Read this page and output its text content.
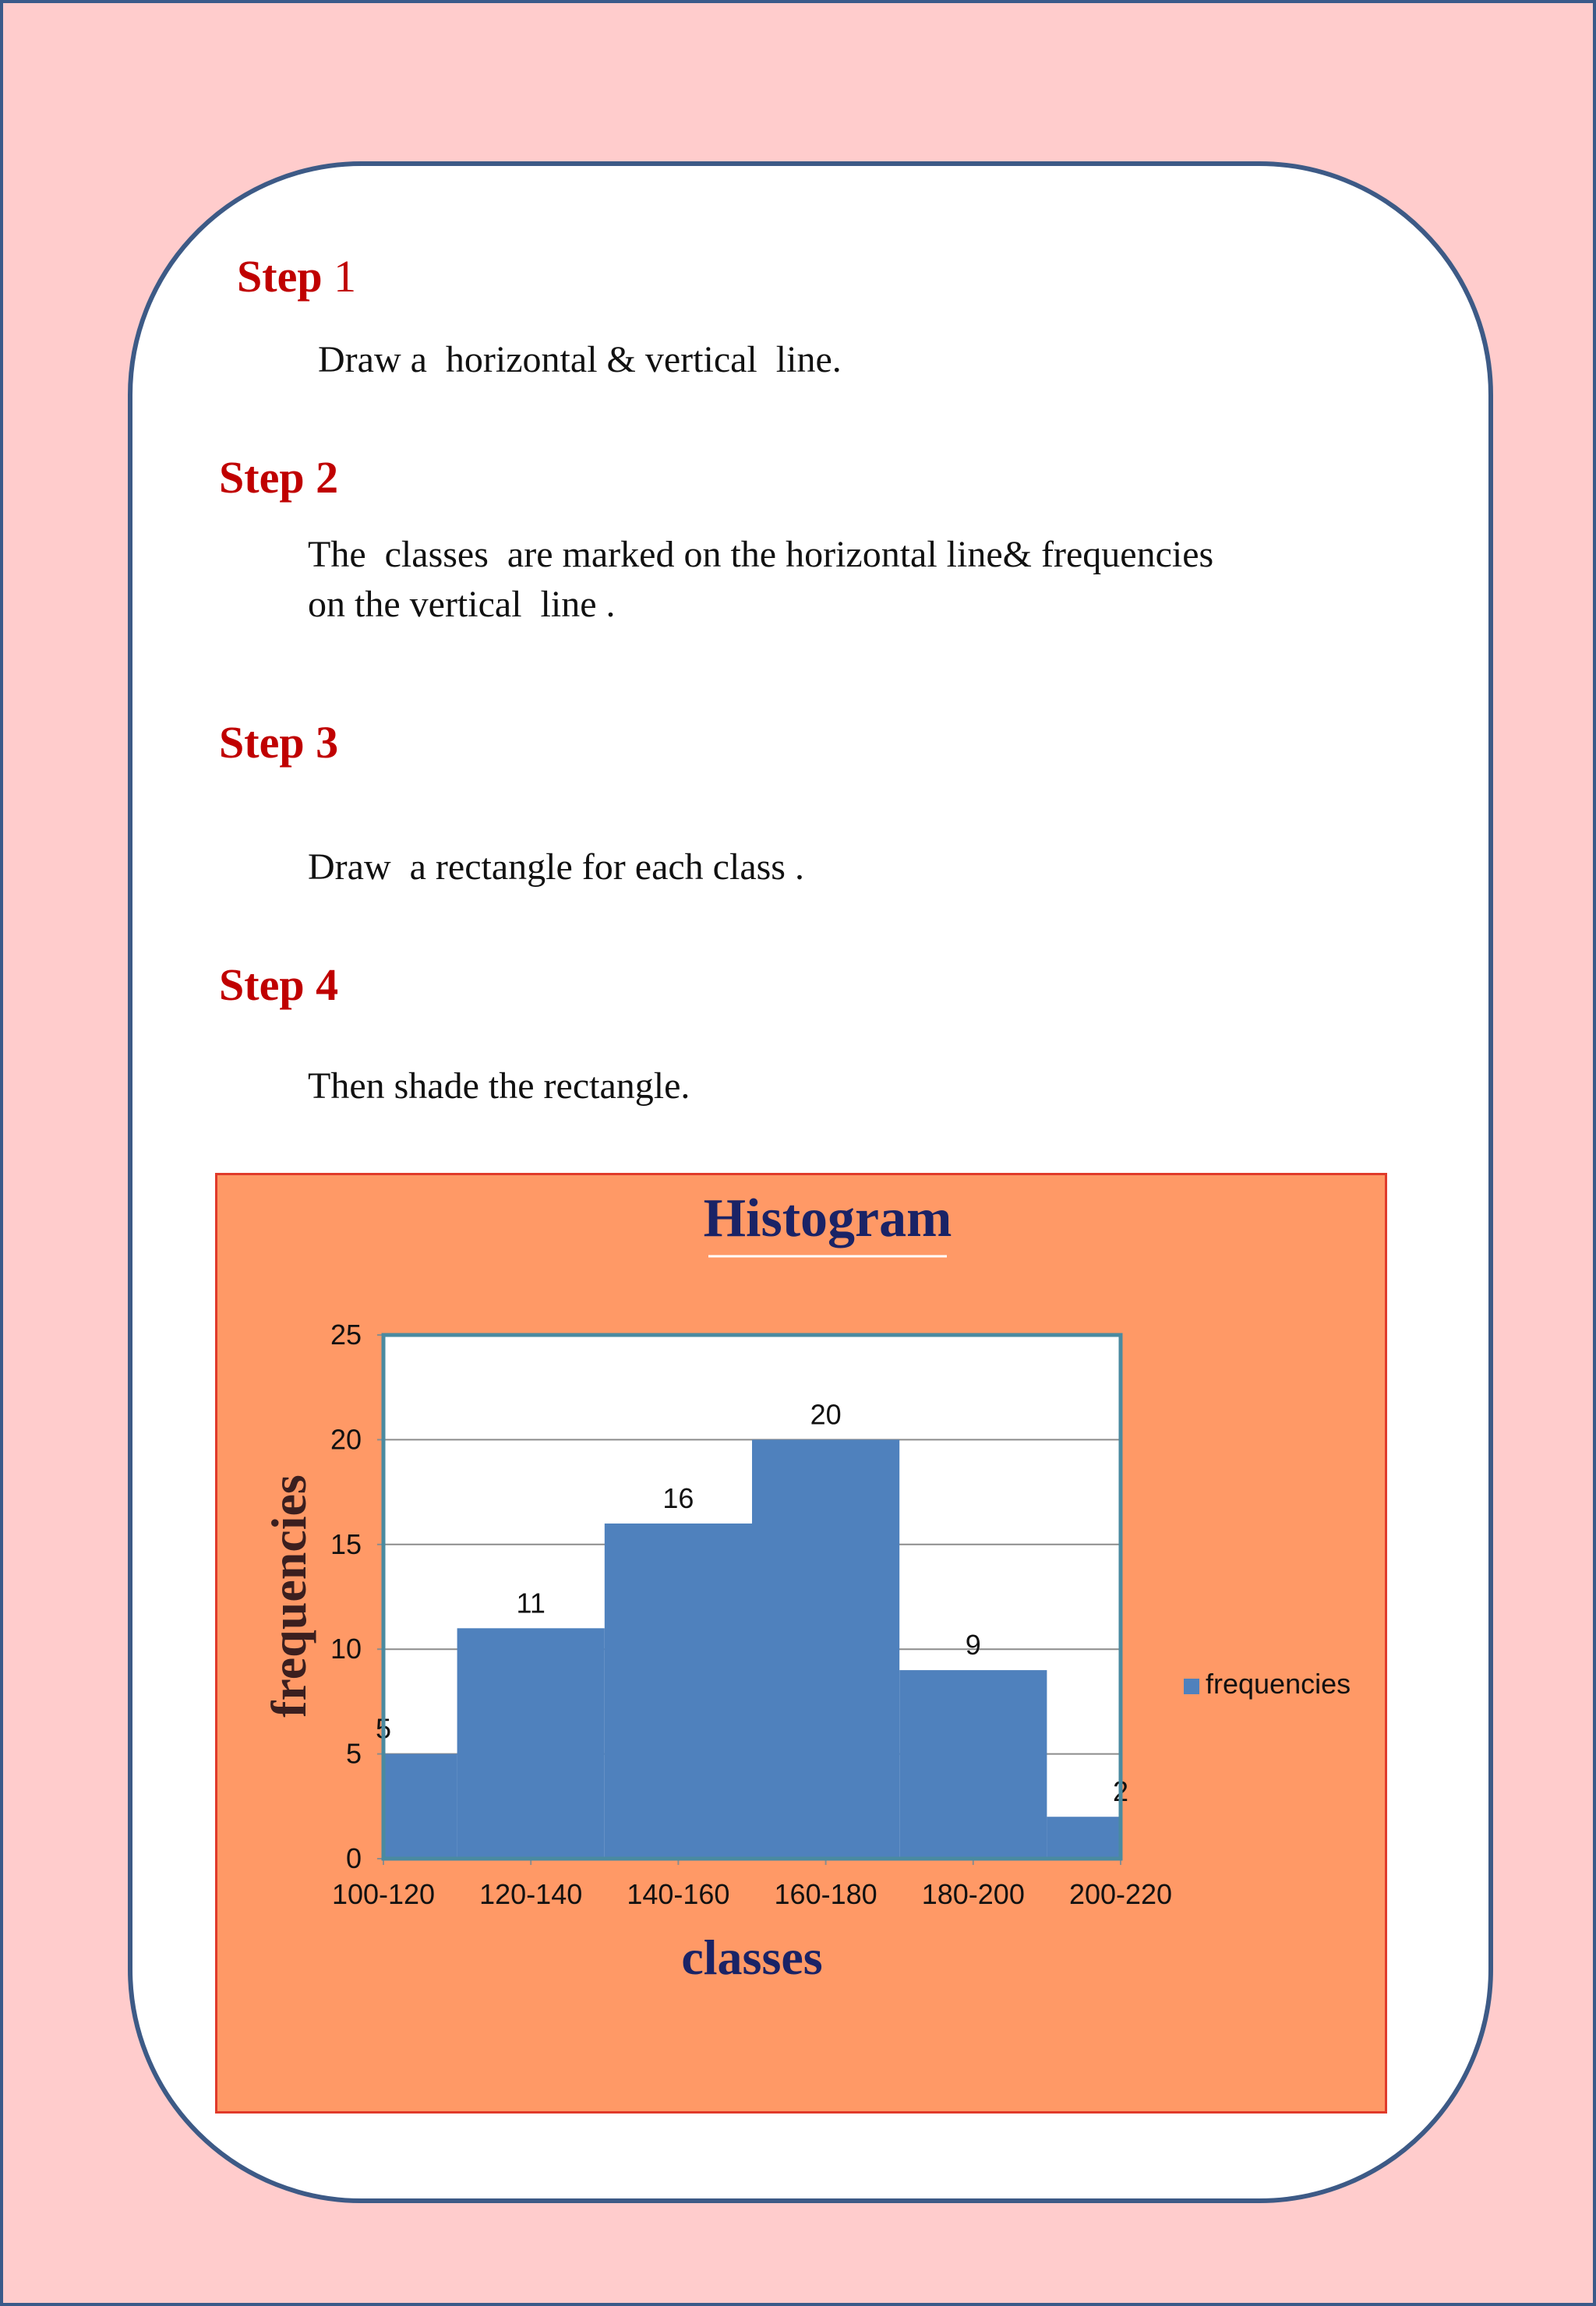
Step 1

Draw a  horizontal & vertical  line.

Step 2

The  classes  are marked on the horizontal line& frequencies
on the vertical  line .

Step 3

Draw  a rectangle for each class .

Step 4

Then shade the rectangle.

Histogram
0
5
10
15
20
25
100-120 120-140 140-160 160-180 180-200 200-220
5
11
16
20
9
2
frequencies
classes
frequencies
